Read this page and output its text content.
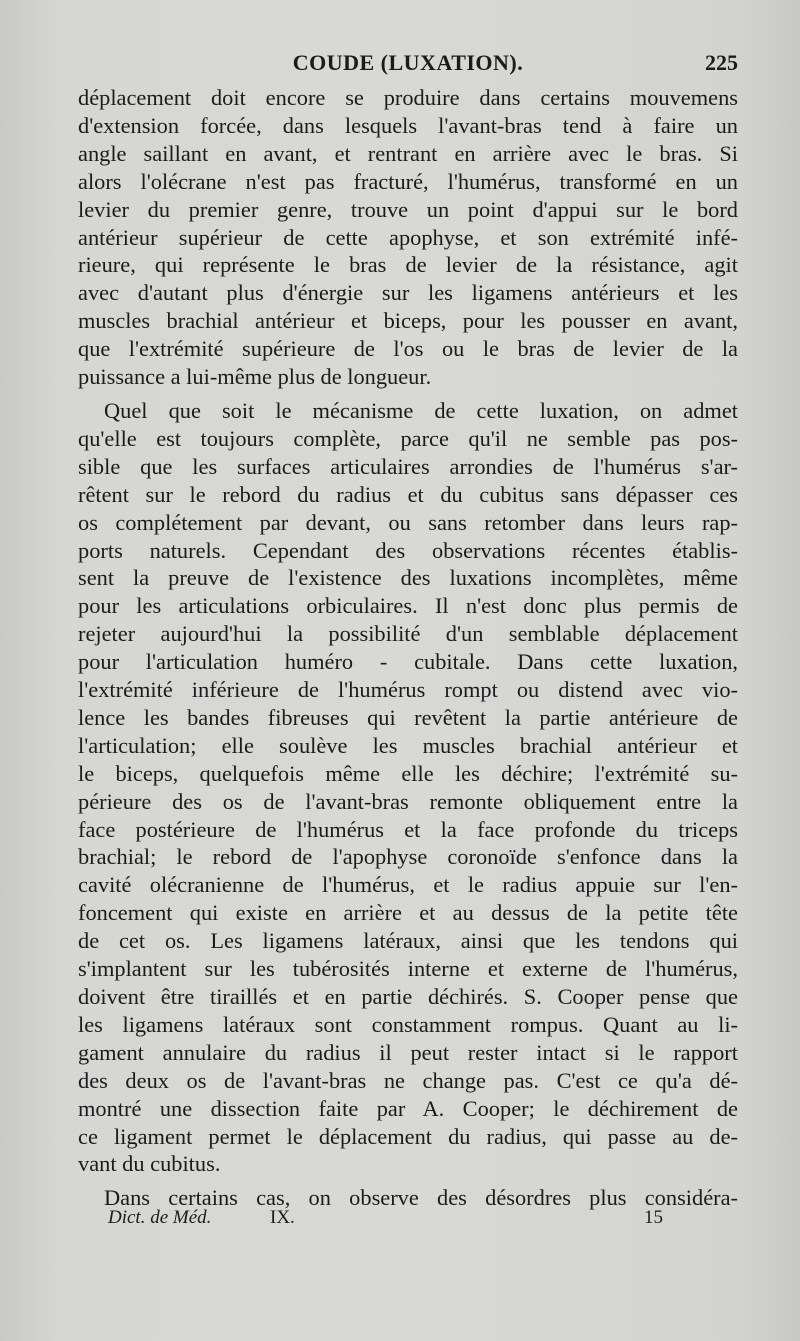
COUDE (LUXATION).	225
déplacement doit encore se produire dans certains mouvemens
d'extension forcée, dans lesquels l'avant-bras tend à faire un
angle saillant en avant, et rentrant en arrière avec le bras. Si
alors l'olécrane n'est pas fracturé, l'humérus, transformé en un
levier du premier genre, trouve un point d'appui sur le bord
antérieur supérieur de cette apophyse, et son extrémité infé-
rieure, qui représente le bras de levier de la résistance, agit
avec d'autant plus d'énergie sur les ligamens antérieurs et les
muscles brachial antérieur et biceps, pour les pousser en avant,
que l'extrémité supérieure de l'os ou le bras de levier de la
puissance a lui-même plus de longueur.
Quel que soit le mécanisme de cette luxation, on admet
qu'elle est toujours complète, parce qu'il ne semble pas pos-
sible que les surfaces articulaires arrondies de l'humérus s'ar-
rêtent sur le rebord du radius et du cubitus sans dépasser ces
os complétement par devant, ou sans retomber dans leurs rap-
ports naturels. Cependant des observations récentes établis-
sent la preuve de l'existence des luxations incomplètes, même
pour les articulations orbiculaires. Il n'est donc plus permis de
rejeter aujourd'hui la possibilité d'un semblable déplacement
pour l'articulation huméro - cubitale. Dans cette luxation,
l'extrémité inférieure de l'humérus rompt ou distend avec vio-
lence les bandes fibreuses qui revêtent la partie antérieure de
l'articulation; elle soulève les muscles brachial antérieur et
le biceps, quelquefois même elle les déchire; l'extrémité su-
périeure des os de l'avant-bras remonte obliquement entre la
face postérieure de l'humérus et la face profonde du triceps
brachial; le rebord de l'apophyse coronoïde s'enfonce dans la
cavité olécranienne de l'humérus, et le radius appuie sur l'en-
foncement qui existe en arrière et au dessus de la petite tête
de cet os. Les ligamens latéraux, ainsi que les tendons qui
s'implantent sur les tubérosités interne et externe de l'humérus,
doivent être tiraillés et en partie déchirés. S. Cooper pense que
les ligamens latéraux sont constamment rompus. Quant au li-
gament annulaire du radius il peut rester intact si le rapport
des deux os de l'avant-bras ne change pas. C'est ce qu'a dé-
montré une dissection faite par A. Cooper; le déchirement de
ce ligament permet le déplacement du radius, qui passe au de-
vant du cubitus.
Dans certains cas, on observe des désordres plus considéra-
Dict. de Méd.	IX.	15
